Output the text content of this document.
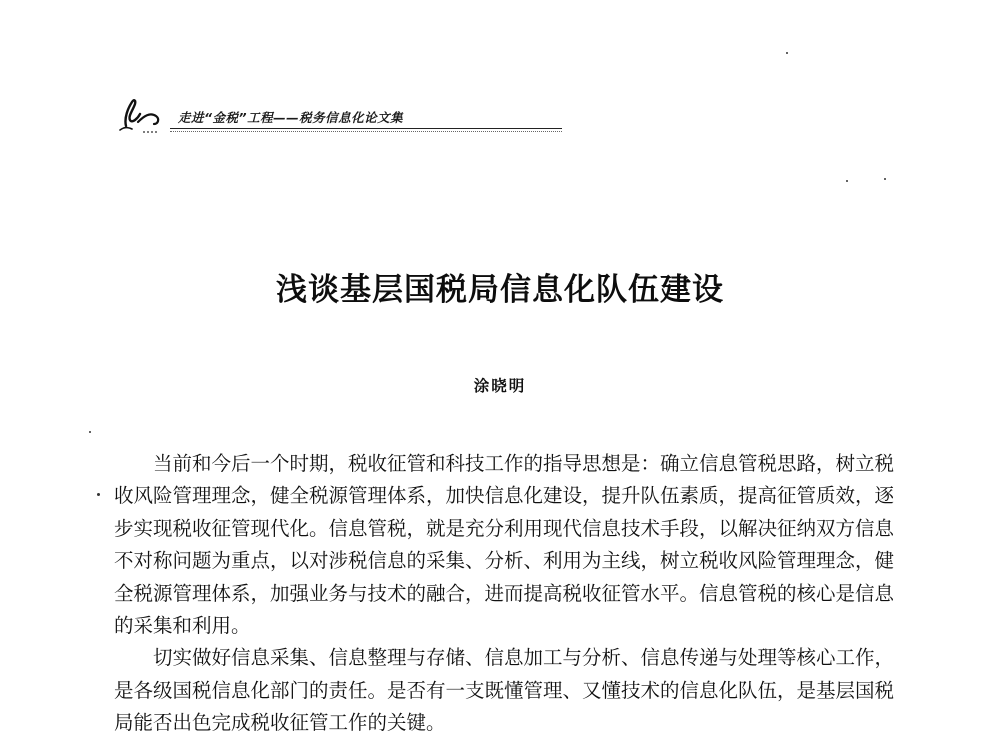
走进“金税”工程——税务信息化论文集
浅谈基层国税局信息化队伍建设
涂晓明

当前和今后一个时期，税收征管和科技工作的指导思想是：确立信息管税思路，树立税收风险管理理念，健全税源管理体系，加快信息化建设，提升队伍素质，提高征管质效，逐步实现税收征管现代化。信息管税，就是充分利用现代信息技术手段，以解决征纳双方信息不对称问题为重点，以对涉税信息的采集、分析、利用为主线，树立税收风险管理理念，健全税源管理体系，加强业务与技术的融合，进而提高税收征管水平。信息管税的核心是信息的采集和利用。

切实做好信息采集、信息整理与存储、信息加工与分析、信息传递与处理等核心工作，是各级国税信息化部门的责任。是否有一支既懂管理、又懂技术的信息化队伍，是基层国税局能否出色完成税收征管工作的关键。
